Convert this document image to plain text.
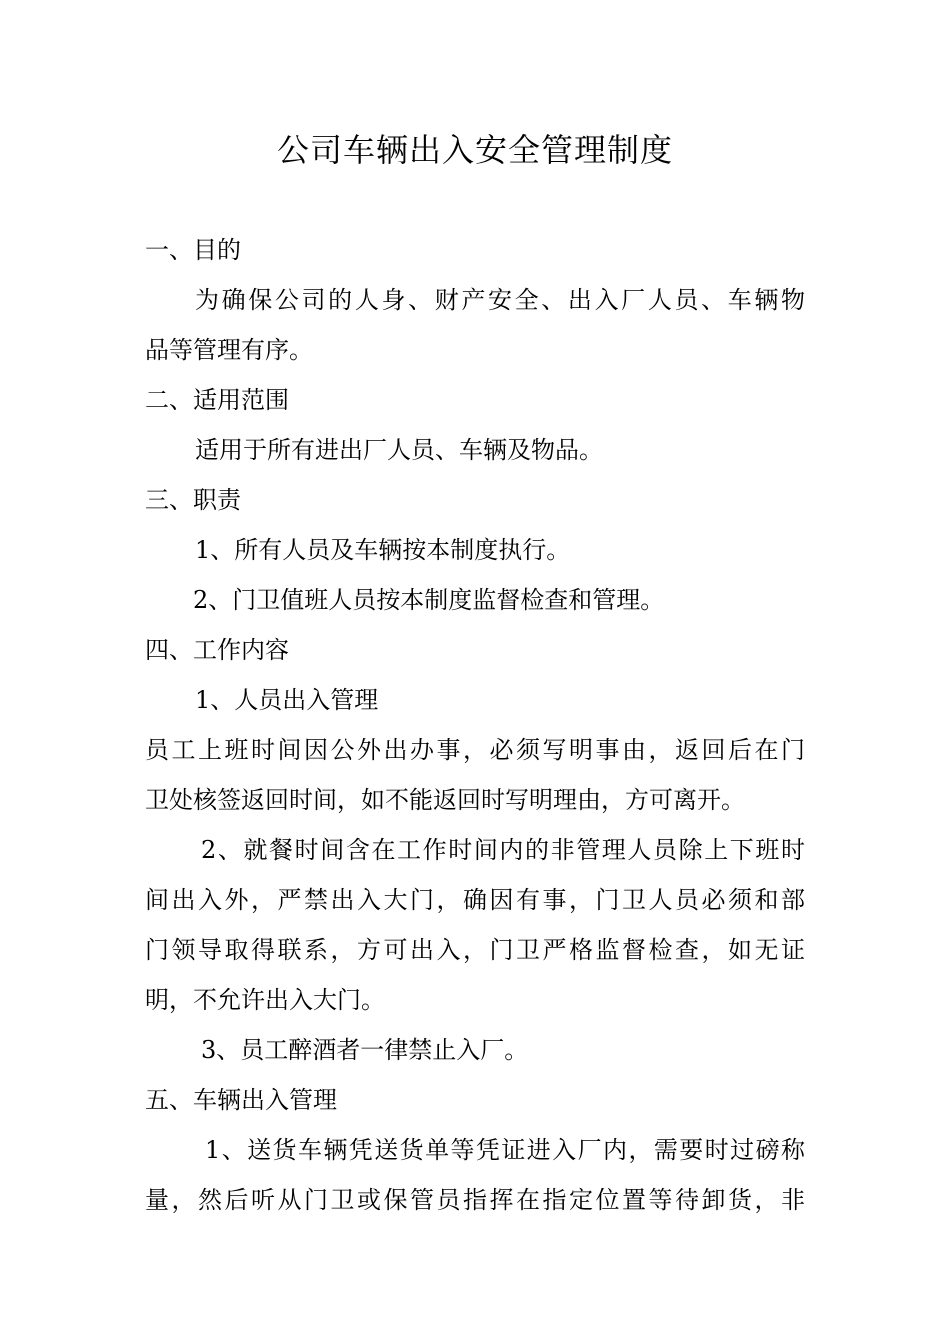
公司车辆出入安全管理制度
一、目的
为确保公司的人身、财产安全、出入厂人员、车辆物
品等管理有序。
二、适用范围
适用于所有进出厂人员、车辆及物品。
三、职责
1、所有人员及车辆按本制度执行。
2、门卫值班人员按本制度监督检查和管理。
四、工作内容
1、人员出入管理
员工上班时间因公外出办事，必须写明事由，返回后在门
卫处核签返回时间，如不能返回时写明理由，方可离开。
2、就餐时间含在工作时间内的非管理人员除上下班时
间出入外，严禁出入大门，确因有事，门卫人员必须和部
门领导取得联系，方可出入，门卫严格监督检查，如无证
明，不允许出入大门。
3、员工醉酒者一律禁止入厂。
五、车辆出入管理
1、送货车辆凭送货单等凭证进入厂内，需要时过磅称
量，然后听从门卫或保管员指挥在指定位置等待卸货，非
